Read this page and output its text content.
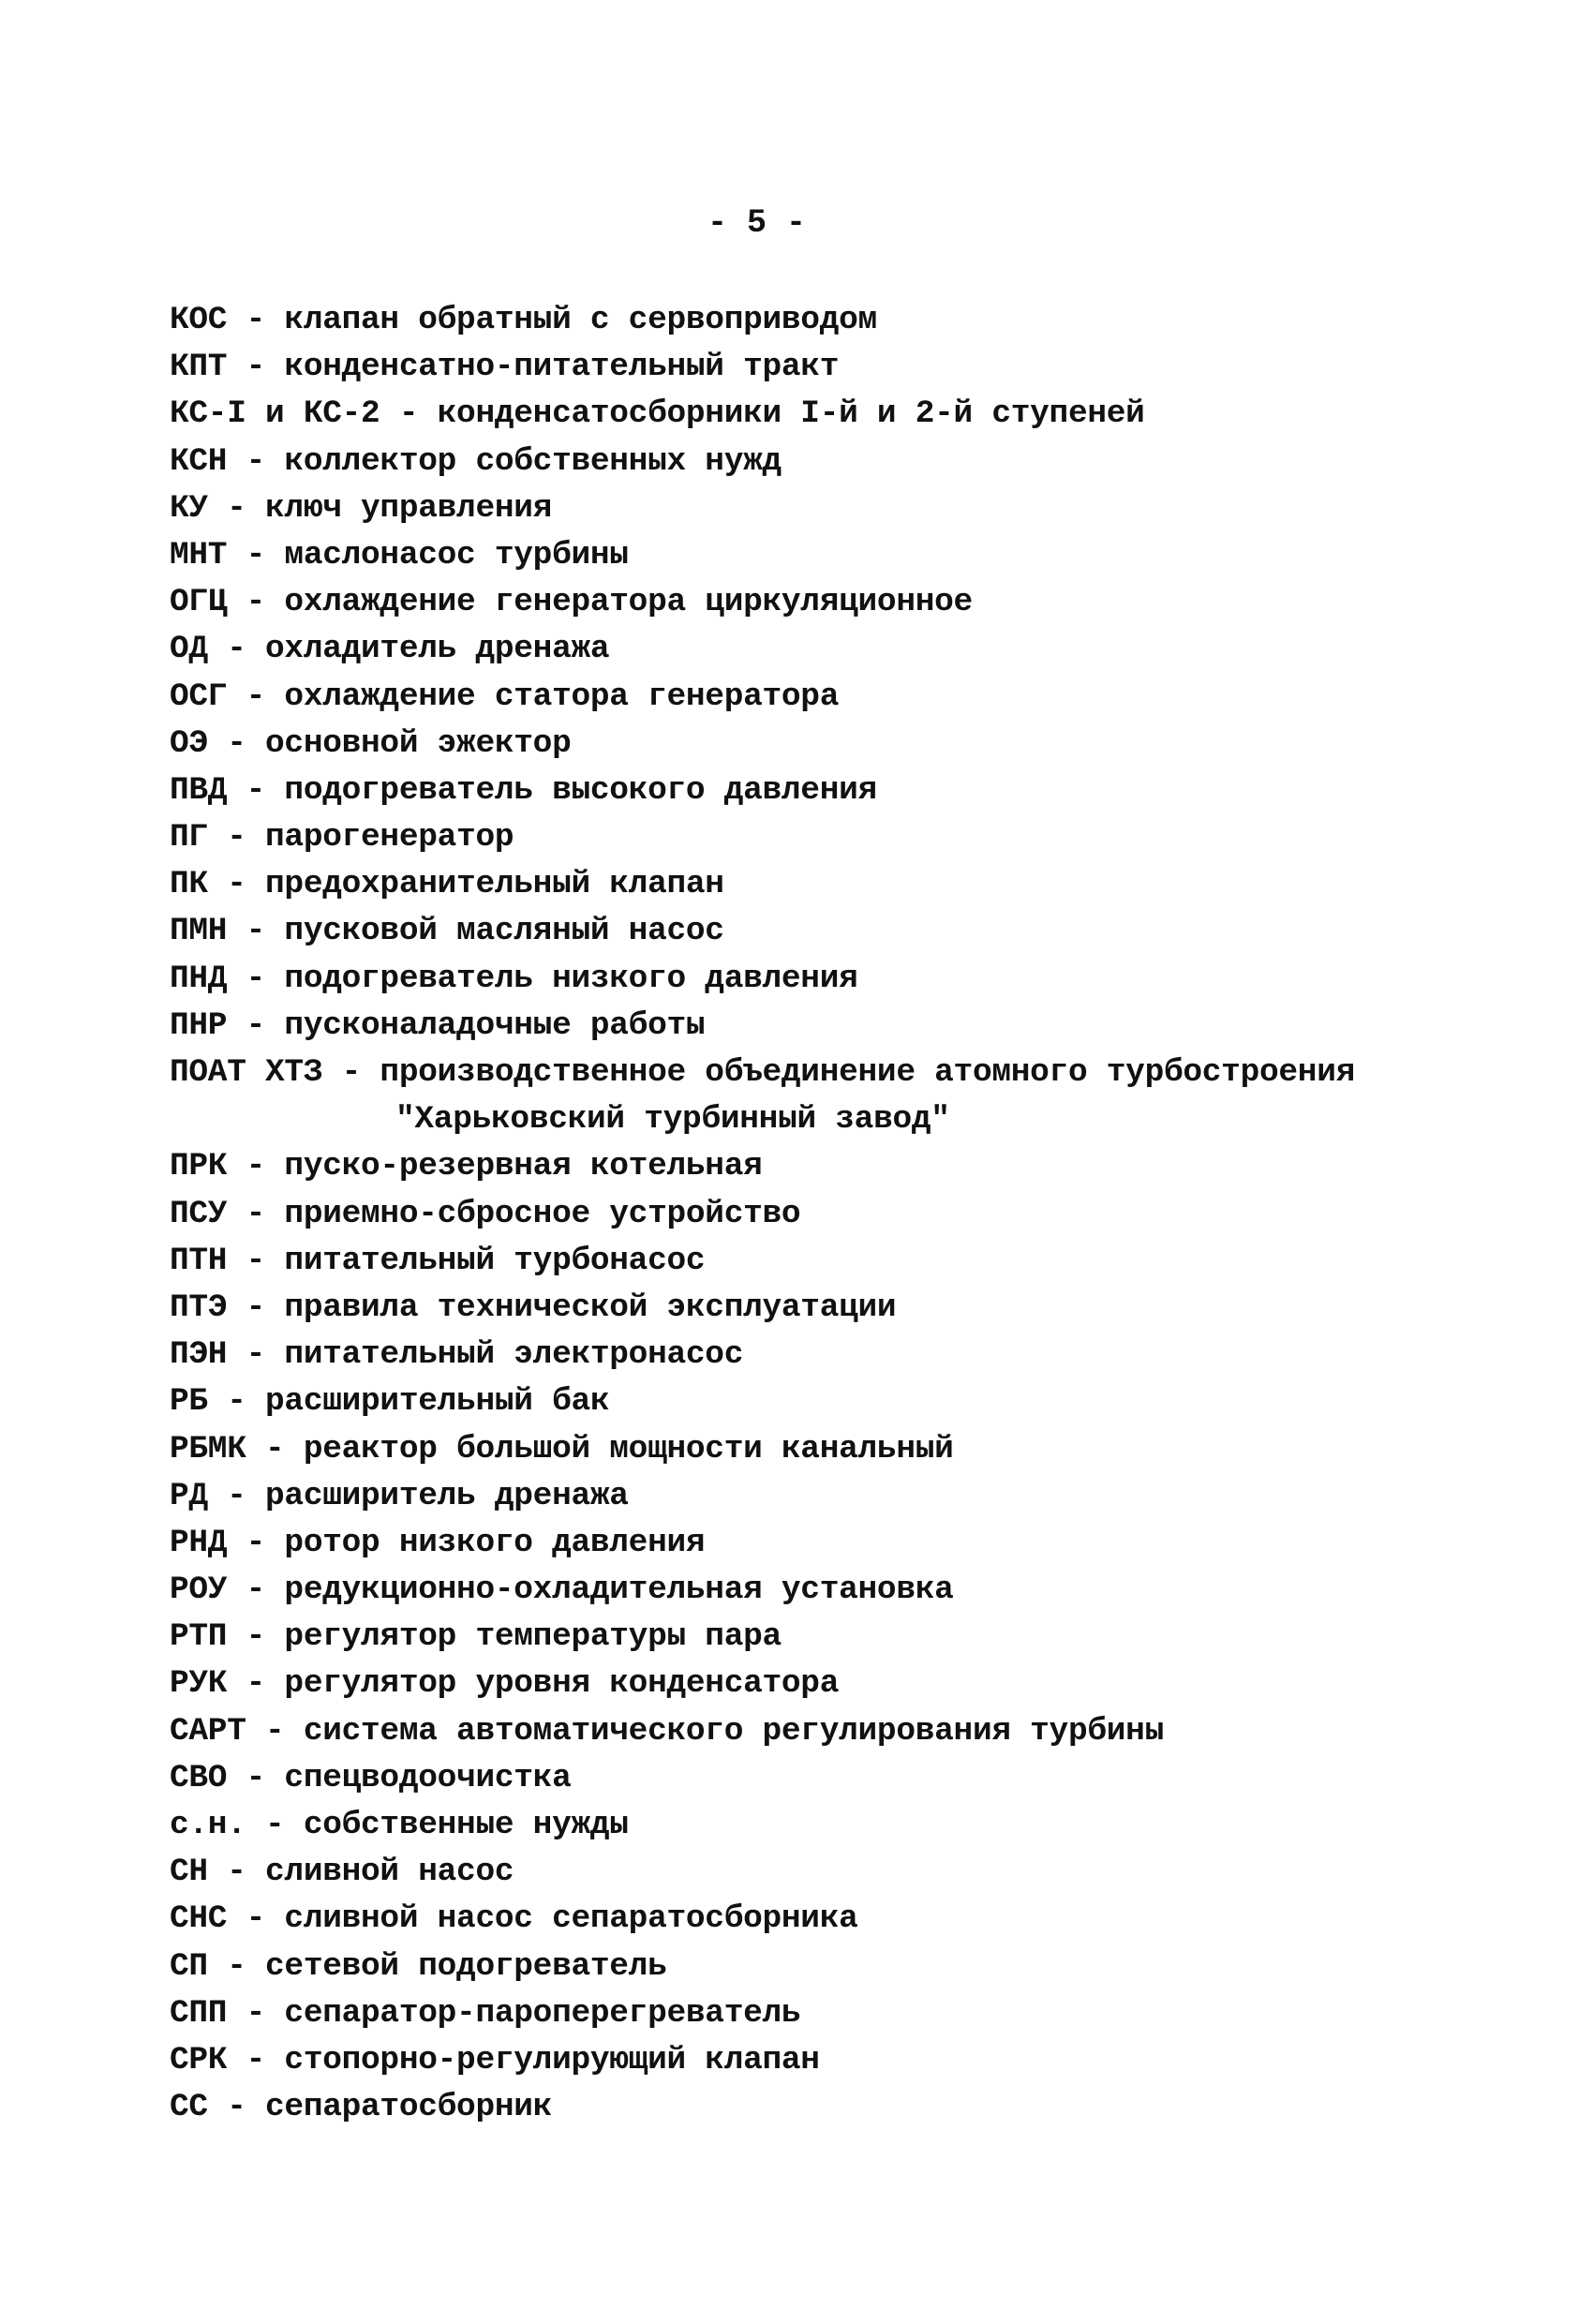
- 5 -
КОС - клапан обратный с сервоприводом
КПТ - конденсатно-питательный тракт
КС-I и КС-2 - конденсатосборники I-й и 2-й ступеней
КСН - коллектор собственных нужд
КУ - ключ управления
МНТ - маслонасос турбины
ОГЦ - охлаждение генератора циркуляционное
ОД - охладитель дренажа
ОСГ - охлаждение статора генератора
ОЭ - основной эжектор
ПВД - подогреватель высокого давления
ПГ - парогенератор
ПК - предохранительный клапан
ПМН - пусковой масляный насос
ПНД - подогреватель низкого давления
ПНР - пусконаладочные работы
ПОАТ ХТЗ - производственное объединение атомного турбостроения
"Харьковский турбинный завод"
ПРК - пуско-резервная котельная
ПСУ - приемно-сбросное устройство
ПТН - питательный турбонасос
ПТЭ - правила технической эксплуатации
ПЭН - питательный электронасос
РБ - расширительный бак
РБМК - реактор большой мощности канальный
РД - расширитель дренажа
РНД - ротор низкого давления
РОУ - редукционно-охладительная установка
РТП - регулятор температуры пара
РУК - регулятор уровня конденсатора
САРТ - система автоматического регулирования турбины
СВО - спецводоочистка
с.н. - собственные нужды
СН - сливной насос
СНС - сливной насос сепаратосборника
СП - сетевой подогреватель
СПП - сепаратор-пароперегреватель
СРК - стопорно-регулирующий клапан
СС - сепаратосборник
